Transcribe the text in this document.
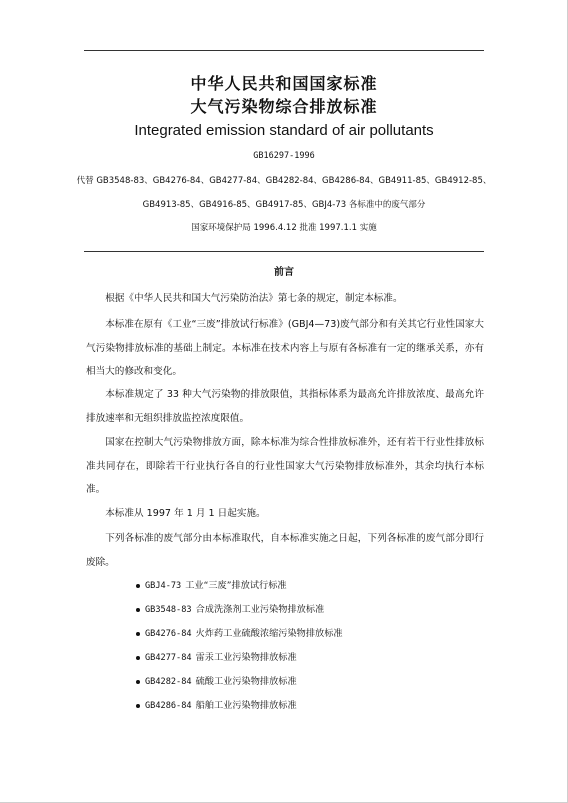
中华人民共和国国家标准
大气污染物综合排放标准
Integrated emission standard of air pollutants
GB16297-1996
代替 GB3548-83、GB4276-84、GB4277-84、GB4282-84、GB4286-84、GB4911-85、GB4912-85、
GB4913-85、GB4916-85、GB4917-85、GBJ4-73 各标准中的废气部分
国家环境保护局 1996.4.12 批准 1997.1.1 实施
前言
根据《中华人民共和国大气污染防治法》第七条的规定，制定本标准。
本标准在原有《工业“三废”排放试行标准》(GBJ4—73)废气部分和有关其它行业性国家大气污染物排放标准的基础上制定。本标准在技术内容上与原有各标准有一定的继承关系，亦有相当大的修改和变化。
本标准规定了 33 种大气污染物的排放限值，其指标体系为最高允许排放浓度、最高允许排放速率和无组织排放监控浓度限值。
国家在控制大气污染物排放方面，除本标准为综合性排放标准外，还有若干行业性排放标准共同存在，即除若干行业执行各自的行业性国家大气污染物排放标准外，其余均执行本标准。
本标准从 1997 年 1 月 1 日起实施。
下列各标准的废气部分由本标准取代，自本标准实施之日起，下列各标准的废气部分即行废除。
GBJ4-73 工业“三废”排放试行标准
GB3548-83 合成洗涤剂工业污染物排放标准
GB4276-84 火炸药工业硫酸浓缩污染物排放标准
GB4277-84 雷汞工业污染物排放标准
GB4282-84 硫酸工业污染物排放标准
GB4286-84 船舶工业污染物排放标准
